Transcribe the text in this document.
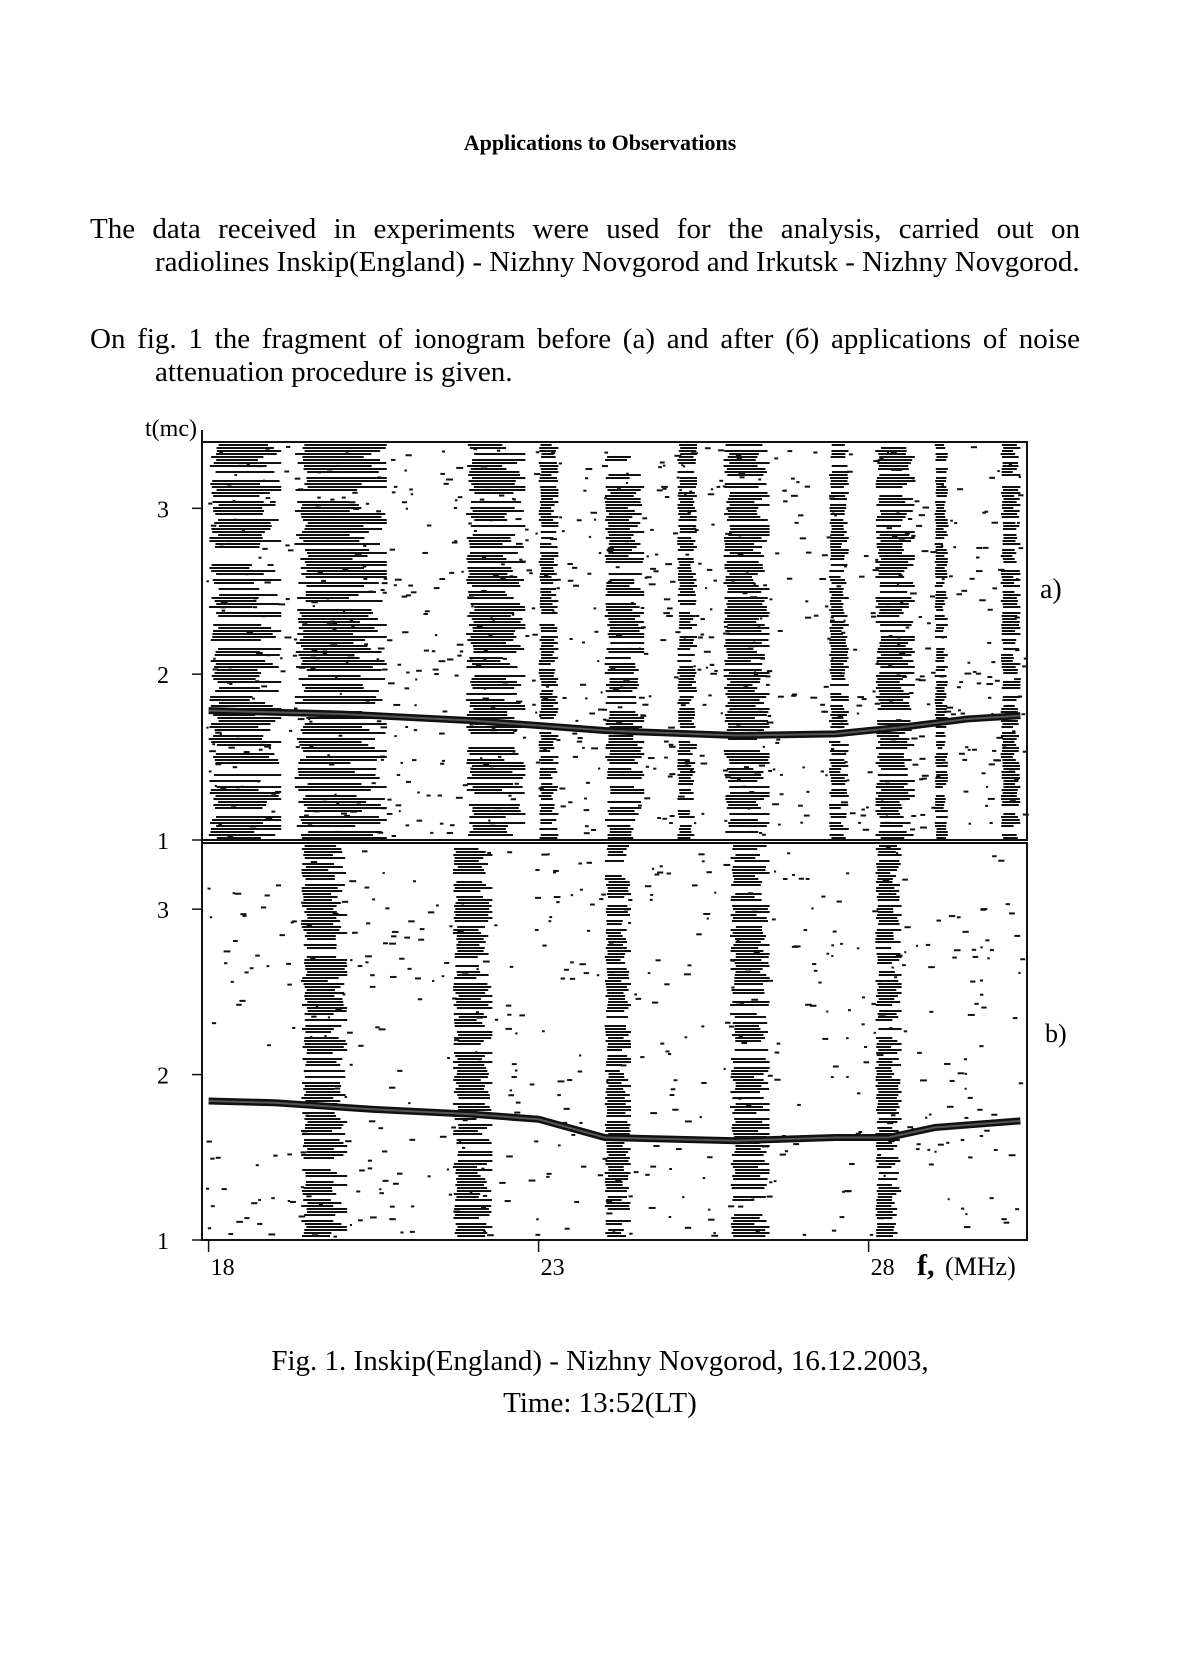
Applications to Observations
The data received in experiments were used for the analysis, carried out on radiolines Inskip(England) - Nizhny Novgorod and Irkutsk - Nizhny Novgorod.
On fig. 1 the fragment of ionogram before (a) and after (б) applications of noise attenuation procedure is given.
1
2
3
1
2
3
18	23	28
t(mc)
a)
b)
f, (MHz)
Fig. 1. Inskip(England) - Nizhny Novgorod, 16.12.2003,
Time: 13:52(LT)
